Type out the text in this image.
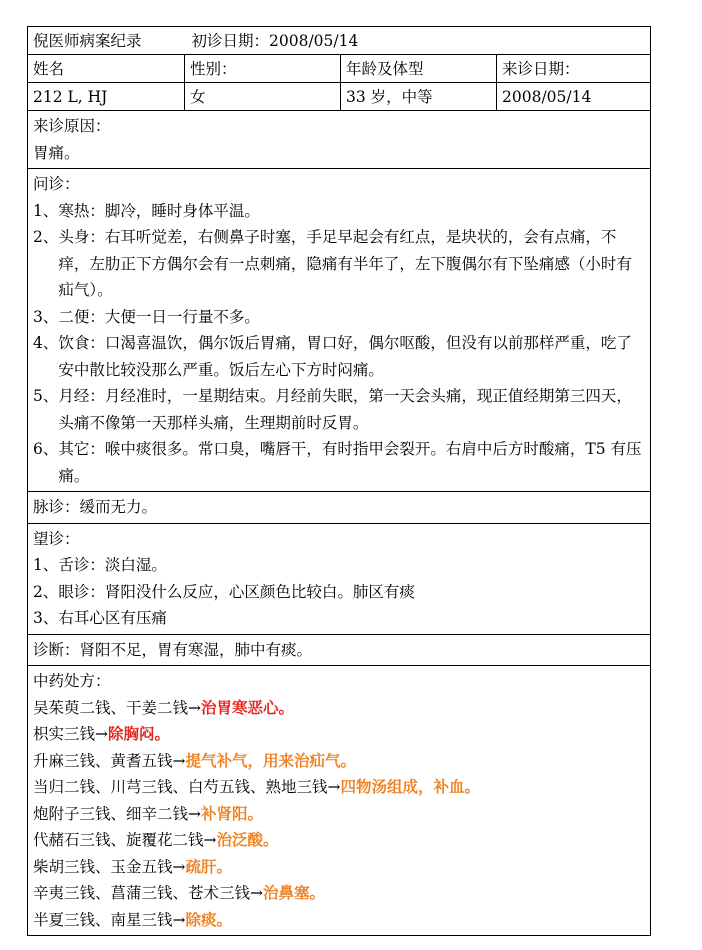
倪医师病案纪录	初诊日期：2008/05/14
姓名	性别：	年龄及体型	来诊日期：
212 L, HJ	女	33 岁，中等	2008/05/14
来诊原因：
胃痛。
问诊：
1、 寒热：脚冷，睡时身体平温。
2、 头身：右耳听觉差，右侧鼻子时塞，手足早起会有红点，是块状的，会有点痛，不痒，左肋正下方偶尔会有一点刺痛，隐痛有半年了，左下腹偶尔有下坠痛感（小时有疝气）。
3、 二便：大便一日一行量不多。
4、 饮食：口渴喜温饮，偶尔饭后胃痛，胃口好，偶尔呕酸，但没有以前那样严重，吃了安中散比较没那么严重。饭后左心下方时闷痛。
5、 月经：月经准时，一星期结束。月经前失眠，第一天会头痛，现正值经期第三四天，头痛不像第一天那样头痛，生理期前时反胃。
6、 其它：喉中痰很多。常口臭，嘴唇干，有时指甲会裂开。右肩中后方时酸痛，T5 有压痛。
脉诊：缓而无力。
望诊：
1、舌诊：淡白湿。
2、眼诊：肾阳没什么反应，心区颜色比较白。肺区有痰
3、右耳心区有压痛
诊断：肾阳不足，胃有寒湿，肺中有痰。
中药处方：
吴茱萸二钱、干姜二钱→治胃寒恶心。
枳实三钱→除胸闷。
升麻三钱、黄耆五钱→提气补气，用来治疝气。
当归二钱、川芎三钱、白芍五钱、熟地三钱→四物汤组成，补血。
炮附子三钱、细辛二钱→补肾阳。
代赭石三钱、旋覆花二钱→治泛酸。
柴胡三钱、玉金五钱→疏肝。
辛夷三钱、菖蒲三钱、苍术三钱→治鼻塞。
半夏三钱、南星三钱→除痰。
